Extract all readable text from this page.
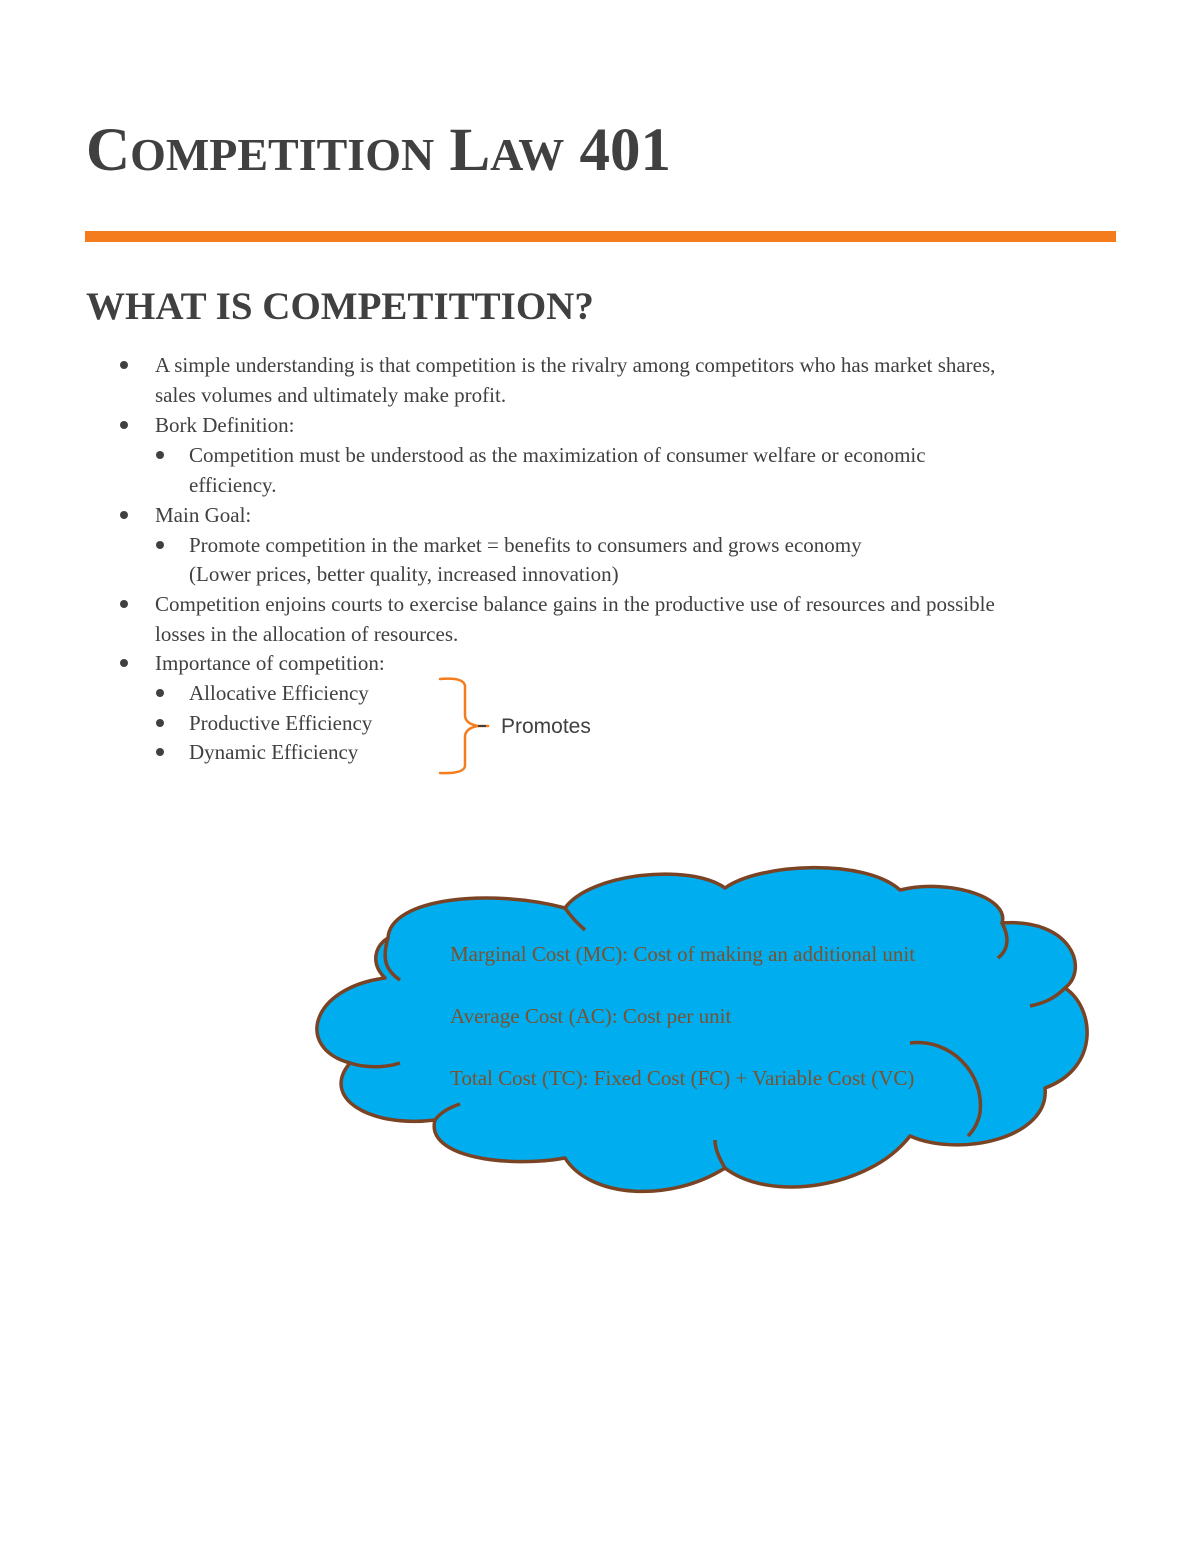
COMPETITION LAW 401
WHAT IS COMPETITTION?
A simple understanding is that competition is the rivalry among competitors who has market shares,
sales volumes and ultimately make profit.
Bork Definition:
Competition must be understood as the maximization of consumer welfare or economic
efficiency.
Main Goal:
Promote competition in the market = benefits to consumers and grows economy
(Lower prices, better quality, increased innovation)
Competition enjoins courts to exercise balance gains in the productive use of resources and possible
losses in the allocation of resources.
Importance of competition:
Allocative Efficiency
Productive Efficiency
Dynamic Efficiency
Promotes
Marginal Cost (MC): Cost of making an additional unit
Average Cost (AC): Cost per unit
Total Cost (TC): Fixed Cost (FC) + Variable Cost (VC)
